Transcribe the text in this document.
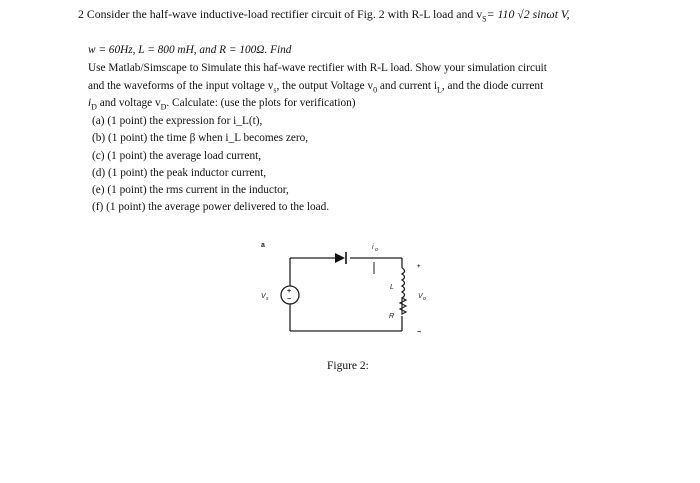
2 Consider the half-wave inductive-load rectifier circuit of Fig. 2 with R-L load and $v_S= 110$ √2 sinωt V,
w = 60Hz, L = 800 mH, and R = 100Ω. Find
Use Matlab/Simscape to Simulate this haf-wave rectifier with R-L load. Show your simulation circuit
and the waveforms of the input voltage $v_s$, the output Voltage $v_0$ and current $i_L$, and the diode current
$i_D$ and voltage $v_D$. Calculate: (use the plots for verification)
(a) (1 point) the expression for i_L(t),
(b) (1 point) the time β when i_L becomes zero,
(c) (1 point) the average load current,
(d) (1 point) the peak inductor current,
(e) (1 point) the rms current in the inductor,
(f) (1 point) the average power delivered to the load.
+
−
a
V s
i o
L
R
+
V o
−
Figure 2:
